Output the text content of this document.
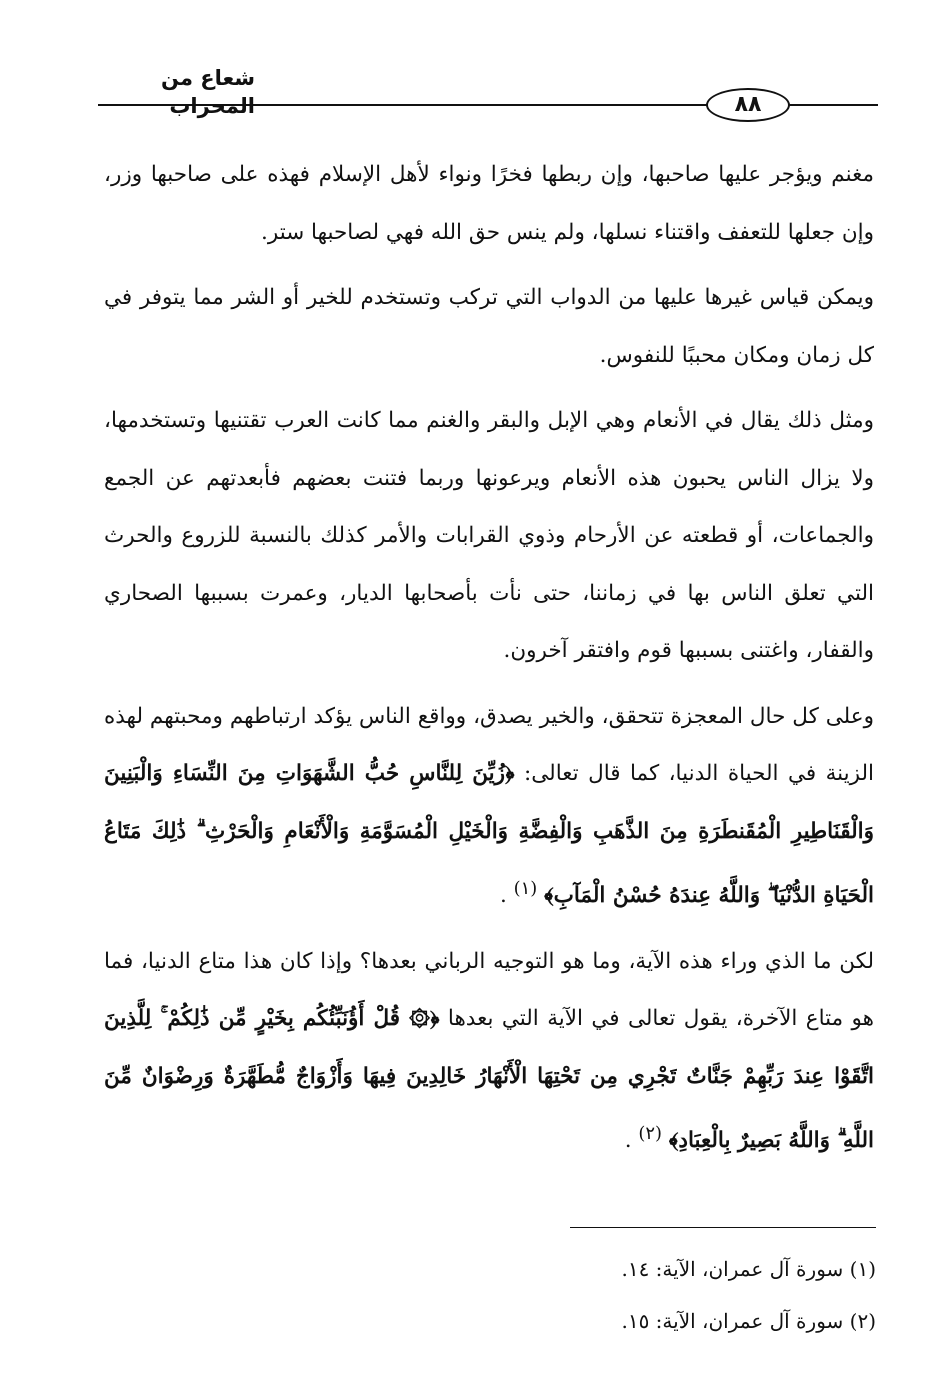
شعاع من المحراب	٨٨

مغنم ويؤجر عليها صاحبها، وإن ربطها فخرًا ونواء لأهل الإسلام فهذه على صاحبها وزر، وإن جعلها للتعفف واقتناء نسلها، ولم ينس حق الله فهي لصاحبها ستر.

ويمكن قياس غيرها عليها من الدواب التي تركب وتستخدم للخير أو الشر مما يتوفر في كل زمان ومكان محببًا للنفوس.

ومثل ذلك يقال في الأنعام وهي الإبل والبقر والغنم مما كانت العرب تقتنيها وتستخدمها، ولا يزال الناس يحبون هذه الأنعام ويرعونها وربما فتنت بعضهم فأبعدتهم عن الجمع والجماعات، أو قطعته عن الأرحام وذوي القرابات والأمر كذلك بالنسبة للزروع والحرث التي تعلق الناس بها في زماننا، حتى نأت بأصحابها الديار، وعمرت بسببها الصحاري والقفار، واغتنى بسببها قوم وافتقر آخرون.

وعلى كل حال المعجزة تتحقق، والخير يصدق، وواقع الناس يؤكد ارتباطهم ومحبتهم لهذه الزينة في الحياة الدنيا، كما قال تعالى: ﴿زُيِّنَ لِلنَّاسِ حُبُّ الشَّهَوَاتِ مِنَ النِّسَاءِ وَالْبَنِينَ وَالْقَنَاطِيرِ الْمُقَنطَرَةِ مِنَ الذَّهَبِ وَالْفِضَّةِ وَالْخَيْلِ الْمُسَوَّمَةِ وَالْأَنْعَامِ وَالْحَرْثِ ۗ ذَٰلِكَ مَتَاعُ الْحَيَاةِ الدُّنْيَا ۖ وَاللَّهُ عِندَهُ حُسْنُ الْمَآبِ﴾ $^{(١)}$ .

لكن ما الذي وراء هذه الآية، وما هو التوجيه الرباني بعدها؟ وإذا كان هذا متاع الدنيا، فما هو متاع الآخرة، يقول تعالى في الآية التي بعدها ﴿۞ قُلْ أَؤُنَبِّئُكُم بِخَيْرٍ مِّن ذَٰلِكُمْ ۚ لِلَّذِينَ اتَّقَوْا عِندَ رَبِّهِمْ جَنَّاتٌ تَجْرِي مِن تَحْتِهَا الْأَنْهَارُ خَالِدِينَ فِيهَا وَأَزْوَاجٌ مُّطَهَّرَةٌ وَرِضْوَانٌ مِّنَ اللَّهِ ۗ وَاللَّهُ بَصِيرٌ بِالْعِبَادِ﴾ $^{(٢)}$ .

(١) سورة آل عمران، الآية: ١٤.

(٢) سورة آل عمران، الآية: ١٥.
